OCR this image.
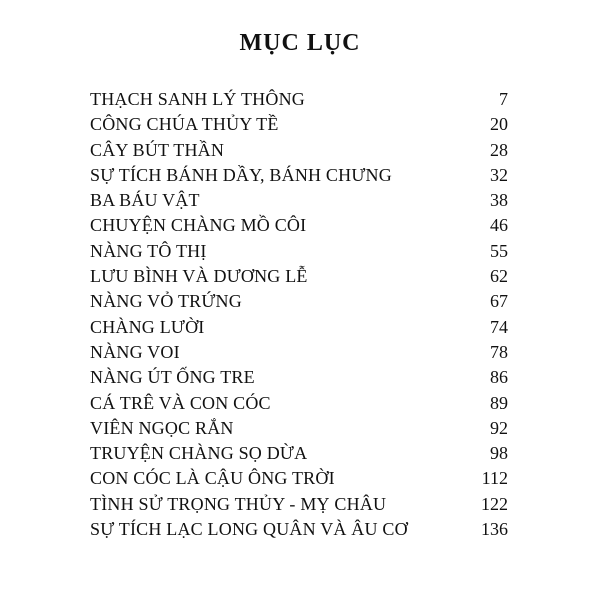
MỤC LỤC
THẠCH SANH LÝ THÔNG	7
CÔNG CHÚA THỦY TỀ	20
CÂY BÚT THẦN	28
SỰ TÍCH BÁNH DẦY, BÁNH CHƯNG	32
BA BÁU VẬT	38
CHUYỆN CHÀNG MỒ CÔI	46
NÀNG TÔ THỊ	55
LƯU BÌNH VÀ DƯƠNG LỄ	62
NÀNG VỎ TRỨNG	67
CHÀNG LƯỜI	74
NÀNG VOI	78
NÀNG ÚT ỐNG TRE	86
CÁ TRÊ VÀ CON CÓC	89
VIÊN NGỌC RẮN	92
TRUYỆN CHÀNG SỌ DỪA	98
CON CÓC LÀ CẬU ÔNG TRỜI	112
TÌNH SỬ TRỌNG THỦY - MỴ CHÂU	122
SỰ TÍCH LẠC LONG QUÂN VÀ ÂU CƠ	136
